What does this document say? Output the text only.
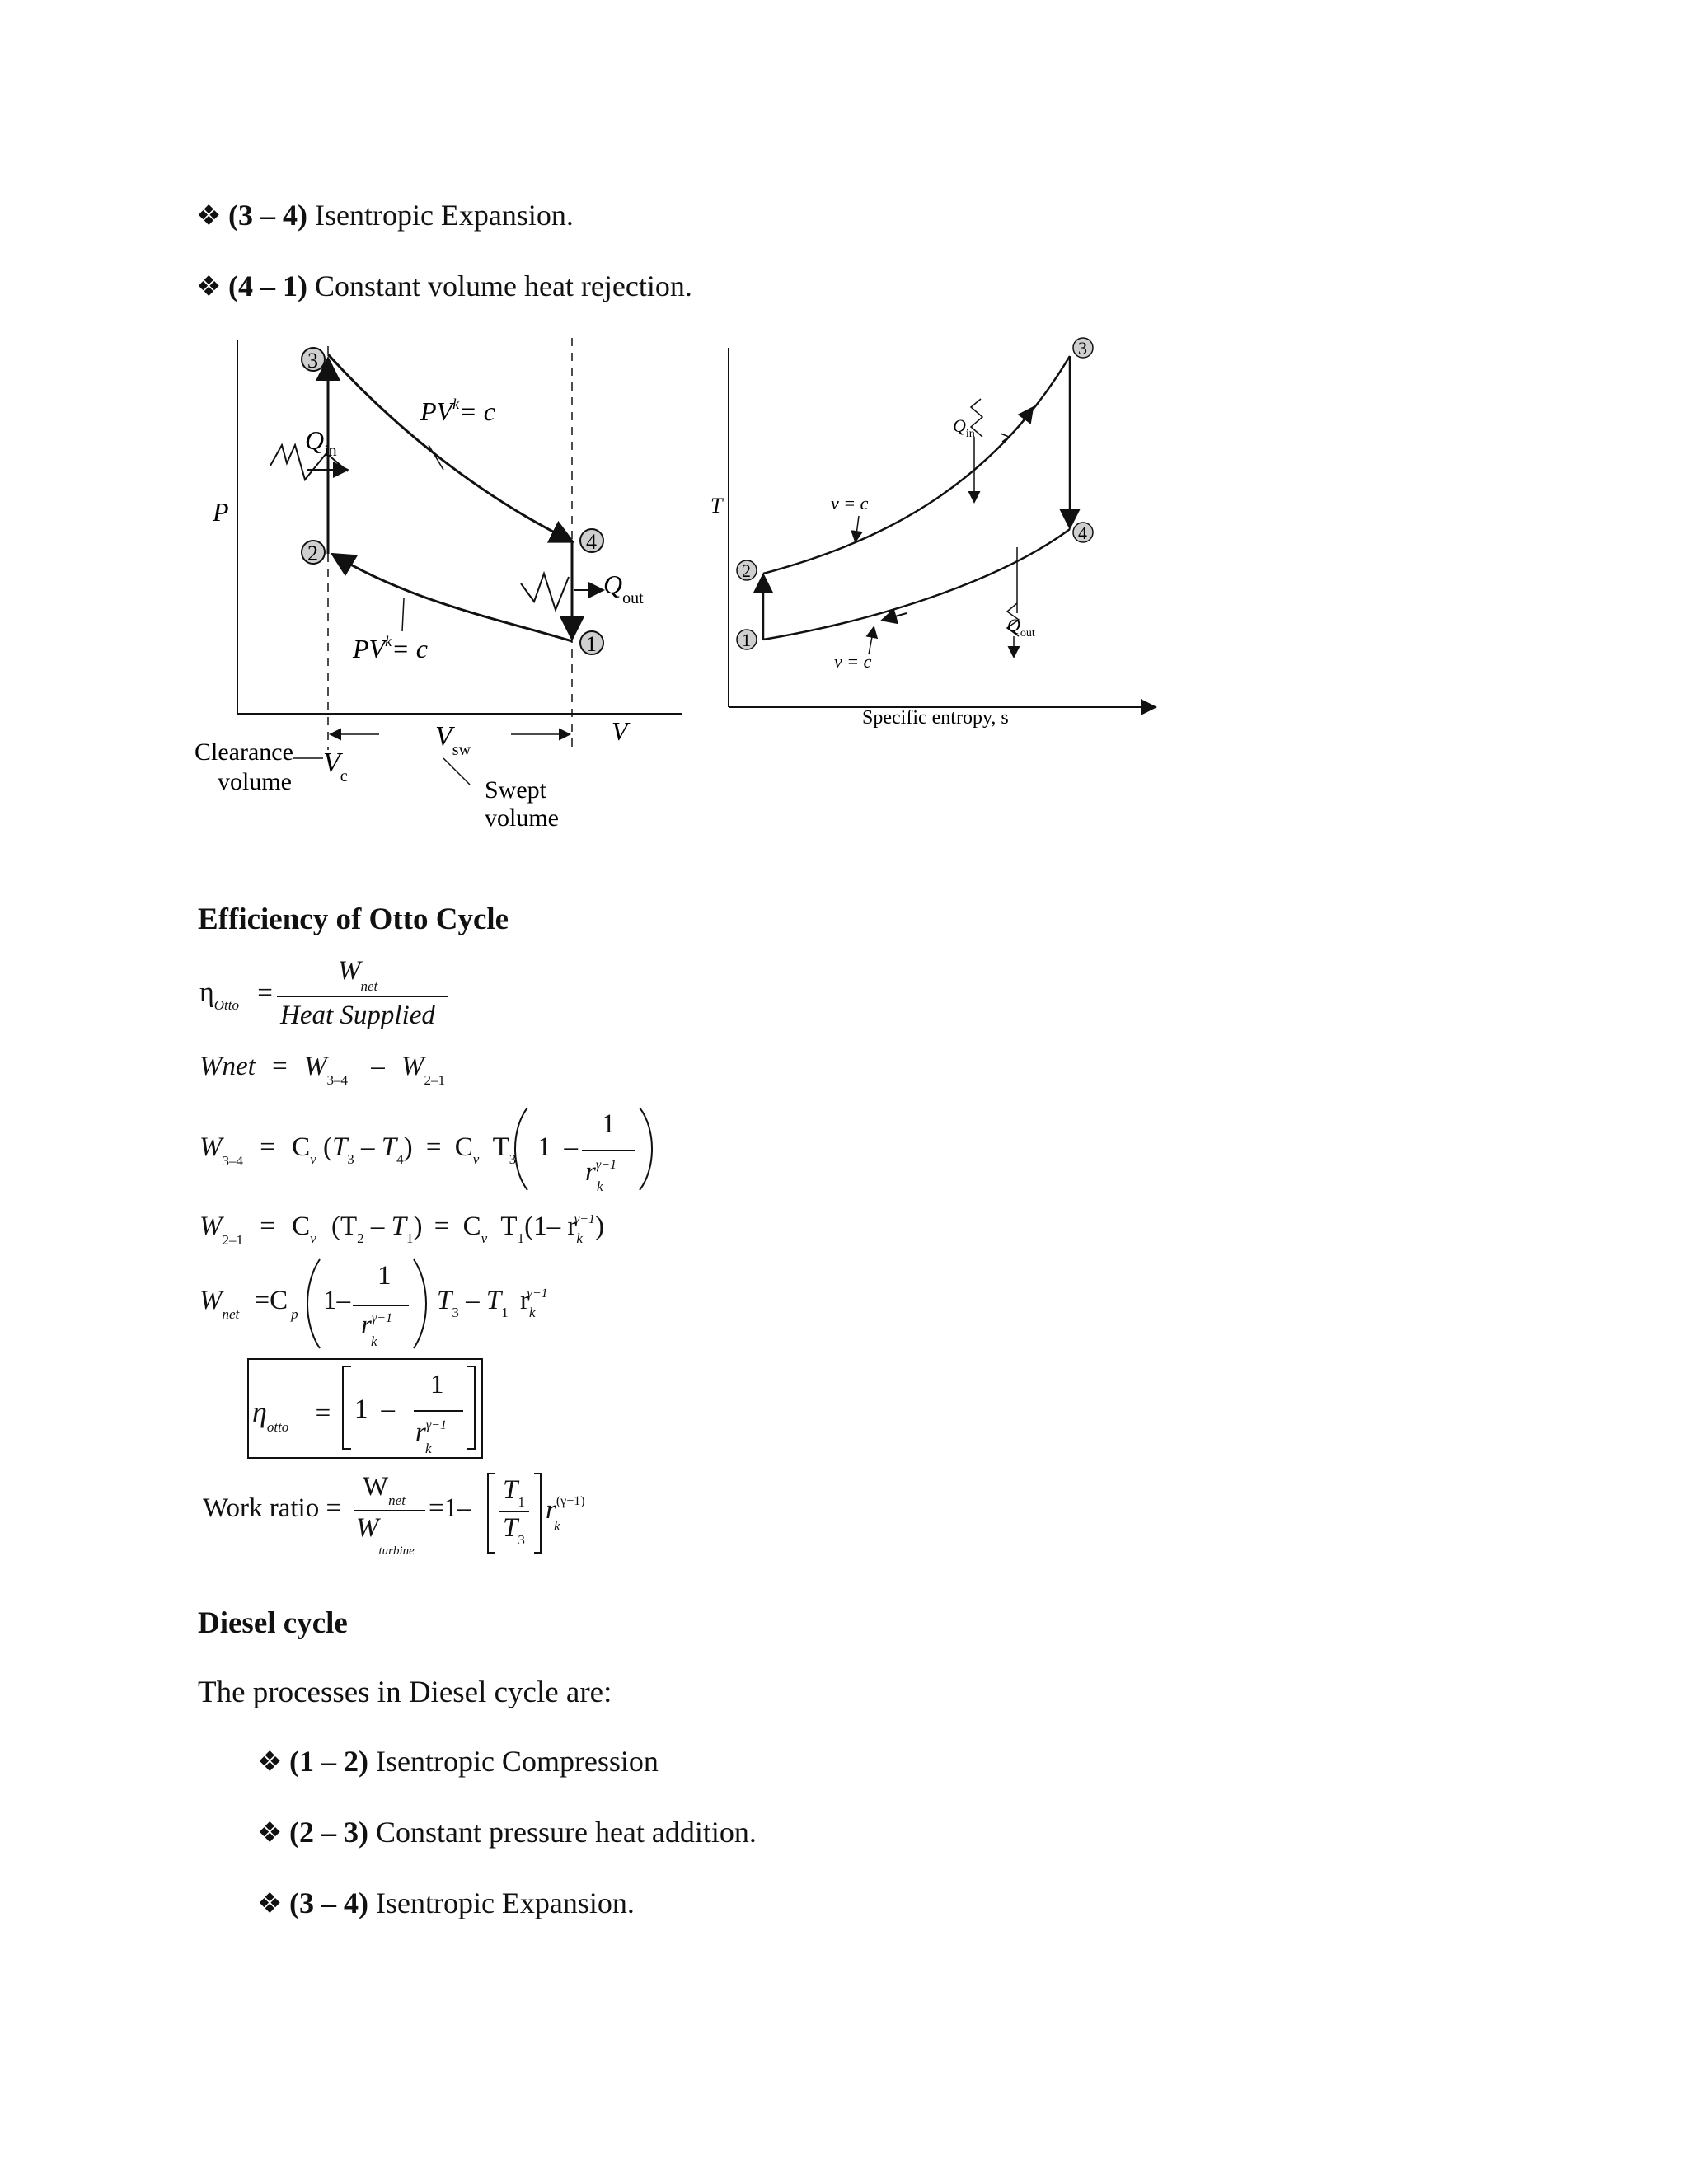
❖ (3 – 4) Isentropic Expansion.
❖ (4 – 1) Constant volume heat rejection.
P
V
3
2	4
1
$PV^k= c$
$PV^k= c$
$Q_{in}$
$Q_{out}$
$V_{sw}$
Clearance
volume
$V_c$	Swept
volume
T
Specific entropy, s
1
2
3
4
v = c
v = c
$Q_{in}$
$Q_{out}$
Efficiency of Otto Cycle
$\eta_{Otto}$ =
$W_{net}$
Heat Supplied
Wnet = $W_{3-4} - W_{2-1}$
$W_{3-4} = C_v$ $(T_3 - T_4) = C_v$ $T_3$ 1 –
1
$r^{\gamma-1}$
k
$W_{2-1} = C_v$ $(T_2 - T_1) = C_v$ $T_1(1-$ $r_k^{\gamma-1}$)
$W_{net} =C$ $_p$ 1–
1
$r^{\gamma-1}$
k
$T_3 - T_1$ $r_k^{\gamma-1}$
$\eta_{otto} = 1$ –
1
$r^{\gamma-1}$
k
Work ratio =
$W_{net}$
$W_{turbine}$
=1–
$T_1$
$T_3$
$r^{(\gamma-1)}$
k
Diesel cycle
The processes in Diesel cycle are:
❖ (1 – 2) Isentropic Compression
❖ (2 – 3) Constant pressure heat addition.
❖ (3 – 4) Isentropic Expansion.
